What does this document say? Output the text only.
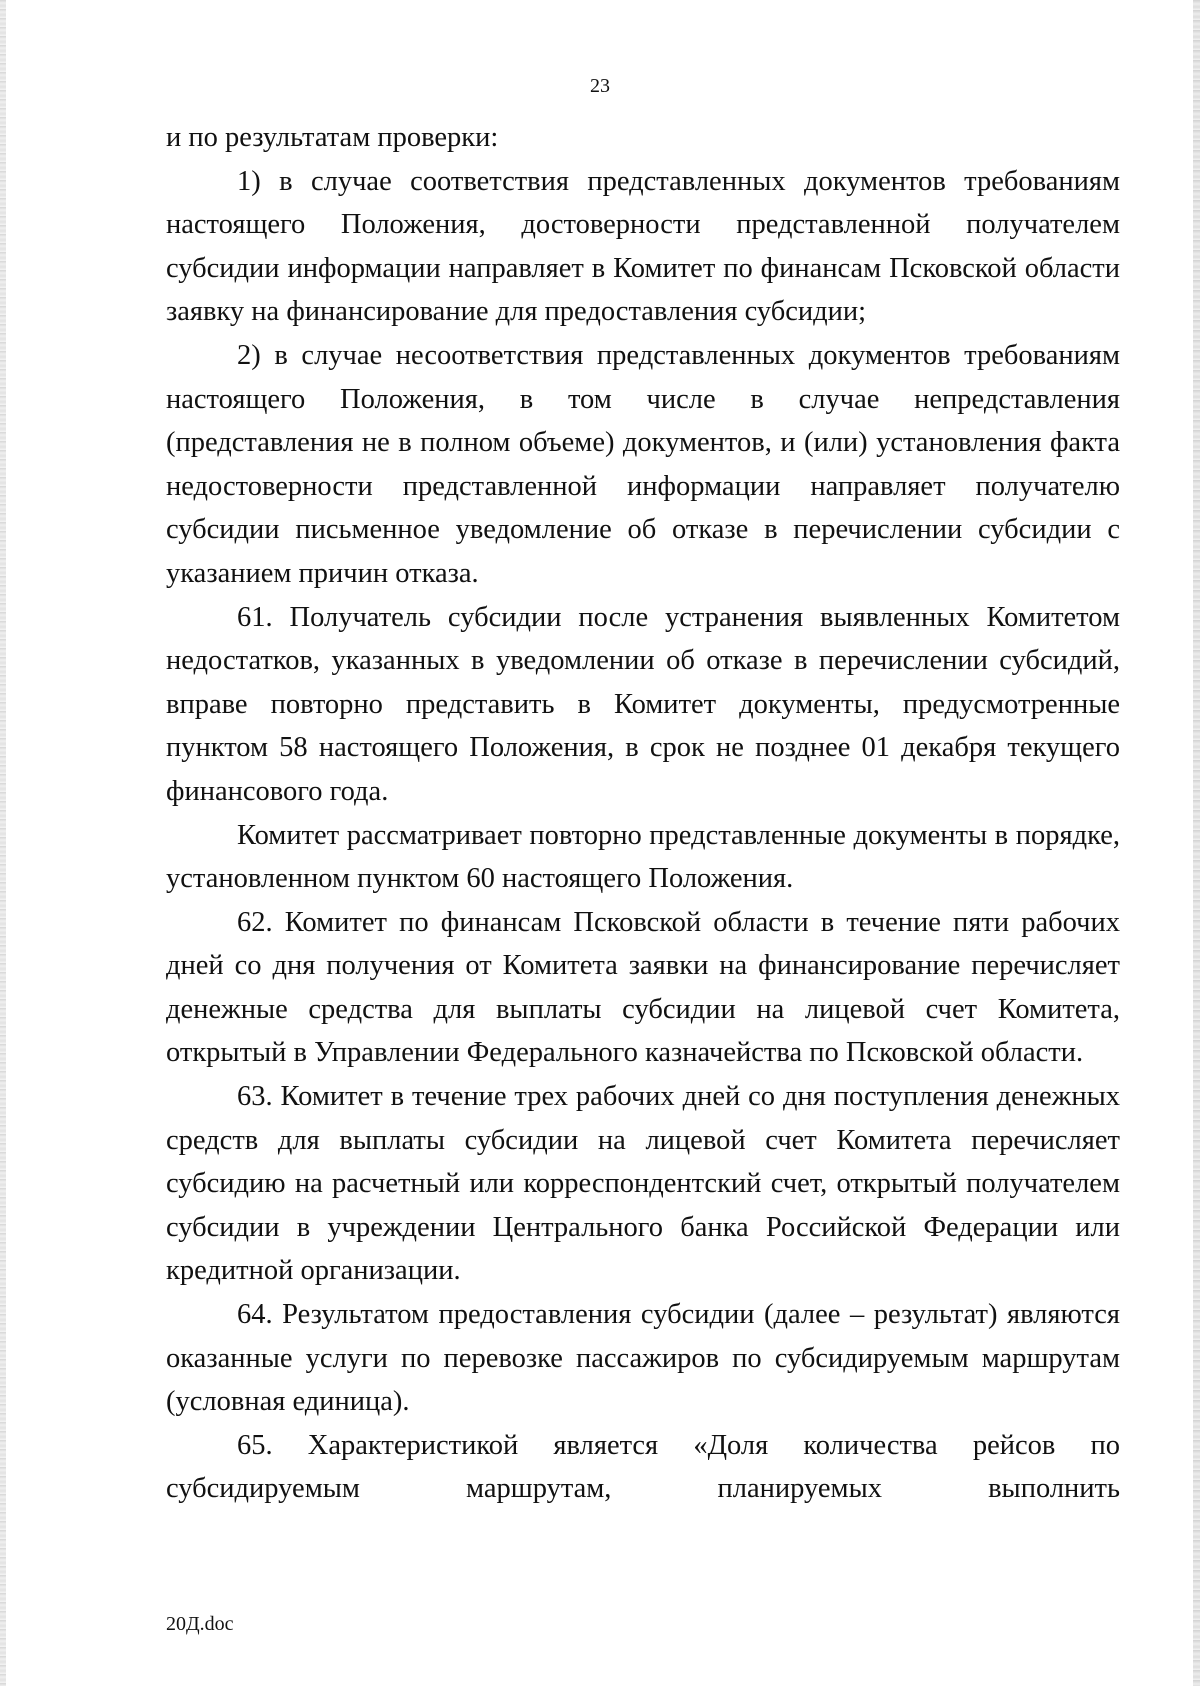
23

и по результатам проверки:

1) в случае соответствия представленных документов требованиям настоящего Положения, достоверности представленной получателем субсидии информации направляет в Комитет по финансам Псковской области заявку на финансирование для предоставления субсидии;

2) в случае несоответствия представленных документов требованиям настоящего Положения, в том числе в случае непредставления (представления не в полном объеме) документов, и (или) установления факта недостоверности представленной информации направляет получателю субсидии письменное уведомление об отказе в перечислении субсидии с указанием причин отказа.

61. Получатель субсидии после устранения выявленных Комитетом недостатков, указанных в уведомлении об отказе в перечислении субсидий, вправе повторно представить в Комитет документы, предусмотренные пунктом 58 настоящего Положения, в срок не позднее 01 декабря текущего финансового года.

Комитет рассматривает повторно представленные документы в порядке, установленном пунктом 60 настоящего Положения.

62. Комитет по финансам Псковской области в течение пяти рабочих дней со дня получения от Комитета заявки на финансирование перечисляет денежные средства для выплаты субсидии на лицевой счет Комитета, открытый в Управлении Федерального казначейства по Псковской области.

63. Комитет в течение трех рабочих дней со дня поступления денежных средств для выплаты субсидии на лицевой счет Комитета перечисляет субсидию на расчетный или корреспондентский счет, открытый получателем субсидии в учреждении Центрального банка Российской Федерации или кредитной организации.

64. Результатом предоставления субсидии (далее – результат) являются оказанные услуги по перевозке пассажиров по субсидируемым маршрутам (условная единица).

65. Характеристикой является «Доля количества рейсов по субсидируемым маршрутам, планируемых выполнить

20Д.doc
